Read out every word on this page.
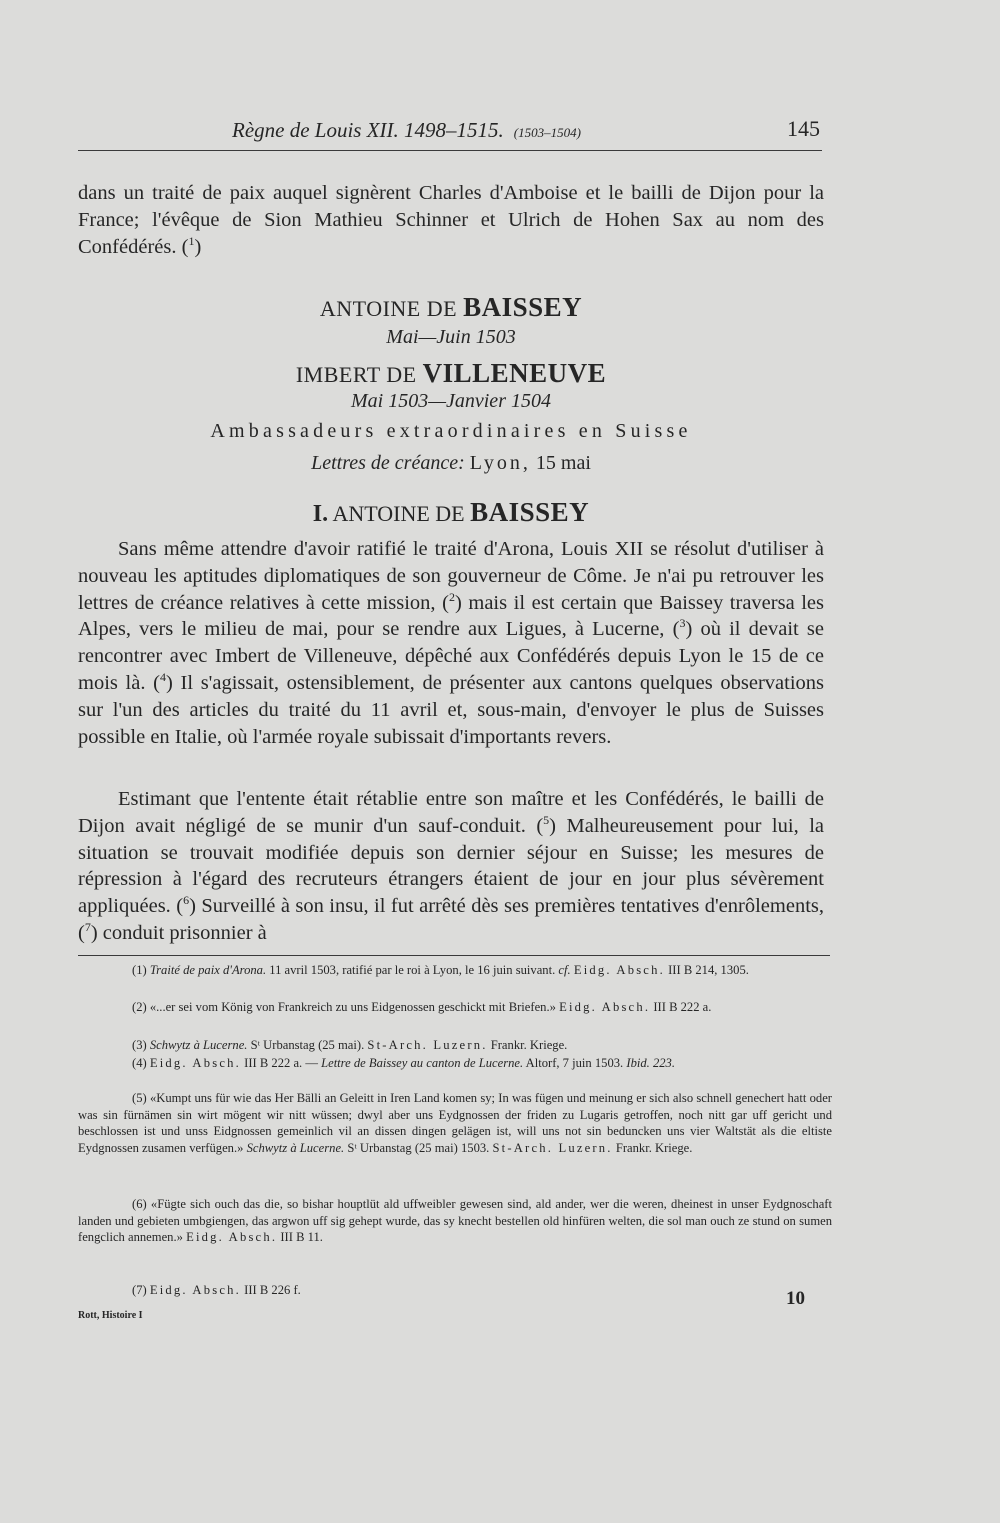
Règne de Louis XII. 1498–1515. (1503–1504)	145
dans un traité de paix auquel signèrent Charles d'Amboise et le bailli de Dijon pour la France; l'évêque de Sion Mathieu Schinner et Ulrich de Hohen Sax au nom des Confédérés. ($^1$)
ANTOINE DE BAISSEY
Mai—Juin 1503
IMBERT DE VILLENEUVE
Mai 1503—Janvier 1504
Ambassadeurs extraordinaires en Suisse
Lettres de créance: Lyon, 15 mai
I. ANTOINE DE BAISSEY
Sans même attendre d'avoir ratifié le traité d'Arona, Louis XII se résolut d'utiliser à nouveau les aptitudes diplomatiques de son gouverneur de Côme. Je n'ai pu retrouver les lettres de créance relatives à cette mission, ($^2$) mais il est certain que Baissey traversa les Alpes, vers le milieu de mai, pour se rendre aux Ligues, à Lucerne, ($^3$) où il devait se rencontrer avec Imbert de Villeneuve, dépêché aux Confédérés depuis Lyon le 15 de ce mois là. ($^4$) Il s'agissait, ostensiblement, de présenter aux cantons quelques observations sur l'un des articles du traité du 11 avril et, sous-main, d'envoyer le plus de Suisses possible en Italie, où l'armée royale subissait d'importants revers.
Estimant que l'entente était rétablie entre son maître et les Confédérés, le bailli de Dijon avait négligé de se munir d'un sauf-conduit. ($^5$) Malheureusement pour lui, la situation se trouvait modifiée depuis son dernier séjour en Suisse; les mesures de répression à l'égard des recruteurs étrangers étaient de jour en jour plus sévèrement appliquées. ($^6$) Surveillé à son insu, il fut arrêté dès ses premières tentatives d'enrôlements, ($^7$) conduit prisonnier à
(1) Traité de paix d'Arona. 11 avril 1503, ratifié par le roi à Lyon, le 16 juin suivant. cf. Eidg. Absch. III B 214, 1305.
(2) «...er sei vom König von Frankreich zu uns Eidgenossen geschickt mit Briefen.» Eidg. Absch. III B 222 a.
(3) Schwytz à Lucerne. Sᵗ Urbanstag (25 mai). St-Arch. Luzern. Frankr. Kriege.
(4) Eidg. Absch. III B 222 a. — Lettre de Baissey au canton de Lucerne. Altorf, 7 juin 1503. Ibid. 223.
(5) «Kumpt uns für wie das Her Bälli an Geleitt in Iren Land komen sy; In was fügen und meinung er sich also schnell genechert hatt oder was sin fürnämen sin wirt mögent wir nitt wüssen; dwyl aber uns Eydgnossen der friden zu Lugaris getroffen, noch nitt gar uff gericht und beschlossen ist und unss Eidgnossen gemeinlich vil an dissen dingen gelägen ist, will uns not sin beduncken uns vier Waltstät als die eltiste Eydgnossen zusamen verfügen.» Schwytz à Lucerne. Sᵗ Urbanstag (25 mai) 1503. St-Arch. Luzern. Frankr. Kriege.
(6) «Fügte sich ouch das die, so bishar houptlüt ald uffweibler gewesen sind, ald ander, wer die weren, dheinest in unser Eydgnoschaft landen und gebieten umbgiengen, das argwon uff sig gehept wurde, das sy knecht bestellen old hinfüren welten, die sol man ouch ze stund on sumen fengclich annemen.» Eidg. Absch. III B 11.
(7) Eidg. Absch. III B 226 f.
Rott, Histoire I
10
